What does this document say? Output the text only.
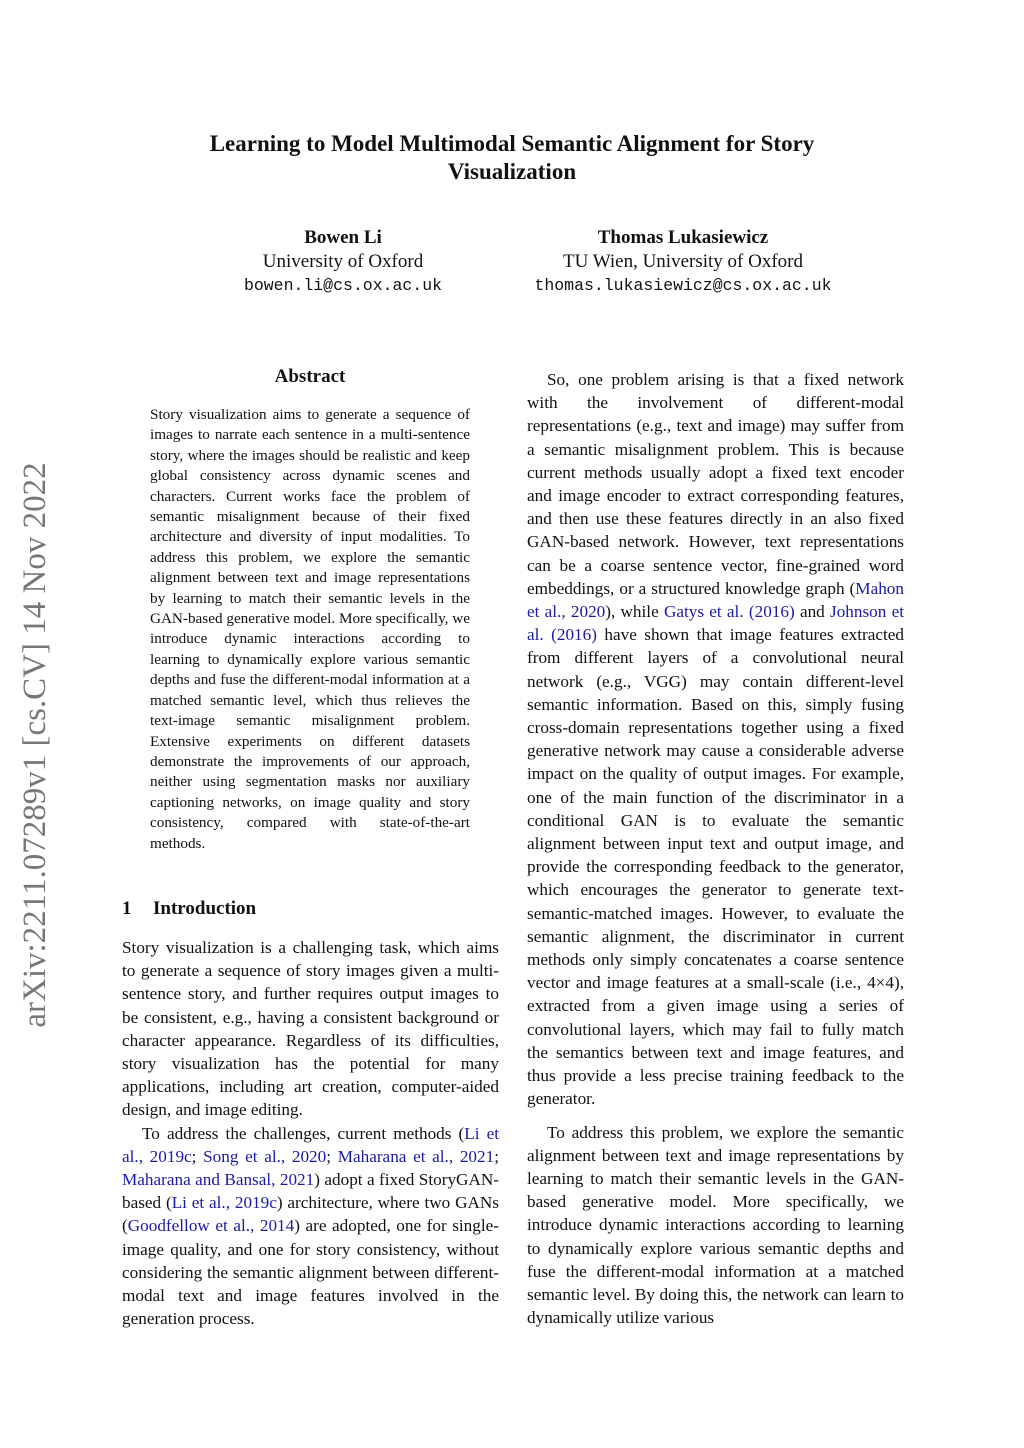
arXiv:2211.07289v1 [cs.CV] 14 Nov 2022
Learning to Model Multimodal Semantic Alignment for Story
Visualization
Bowen Li
University of Oxford
bowen.li@cs.ox.ac.uk
Thomas Lukasiewicz
TU Wien, University of Oxford
thomas.lukasiewicz@cs.ox.ac.uk
Abstract
Story visualization aims to generate a sequence of images to narrate each sentence in a multi-sentence story, where the images should be realistic and keep global consistency across dynamic scenes and characters. Current works face the problem of semantic misalignment because of their fixed architecture and diversity of input modalities. To address this problem, we explore the semantic alignment between text and image representations by learning to match their semantic levels in the GAN-based generative model. More specifically, we introduce dynamic interactions according to learning to dynamically explore various semantic depths and fuse the different-modal information at a matched semantic level, which thus relieves the text-image semantic misalignment problem. Extensive experiments on different datasets demonstrate the improvements of our approach, neither using segmentation masks nor auxiliary captioning networks, on image quality and story consistency, compared with state-of-the-art methods.
1 Introduction

Story visualization is a challenging task, which aims to generate a sequence of story images given a multi-sentence story, and further requires output images to be consistent, e.g., having a consistent background or character appearance. Regardless of its difficulties, story visualization has the potential for many applications, including art creation, computer-aided design, and image editing.

To address the challenges, current methods (Li et al., 2019c; Song et al., 2020; Maharana et al., 2021; Maharana and Bansal, 2021) adopt a fixed StoryGAN-based (Li et al., 2019c) architecture, where two GANs (Goodfellow et al., 2014) are adopted, one for single-image quality, and one for story consistency, without considering the semantic alignment between different-modal text and image features involved in the generation process.

So, one problem arising is that a fixed network with the involvement of different-modal representations (e.g., text and image) may suffer from a semantic misalignment problem. This is because current methods usually adopt a fixed text encoder and image encoder to extract corresponding features, and then use these features directly in an also fixed GAN-based network. However, text representations can be a coarse sentence vector, fine-grained word embeddings, or a structured knowledge graph (Mahon et al., 2020), while Gatys et al. (2016) and Johnson et al. (2016) have shown that image features extracted from different layers of a convolutional neural network (e.g., VGG) may contain different-level semantic information. Based on this, simply fusing cross-domain representations together using a fixed generative network may cause a considerable adverse impact on the quality of output images. For example, one of the main function of the discriminator in a conditional GAN is to evaluate the semantic alignment between input text and output image, and provide the corresponding feedback to the generator, which encourages the generator to generate text-semantic-matched images. However, to evaluate the semantic alignment, the discriminator in current methods only simply concatenates a coarse sentence vector and image features at a small-scale (i.e., 4×4), extracted from a given image using a series of convolutional layers, which may fail to fully match the semantics between text and image features, and thus provide a less precise training feedback to the generator.

To address this problem, we explore the semantic alignment between text and image representations by learning to match their semantic levels in the GAN-based generative model. More specifically, we introduce dynamic interactions according to learning to dynamically explore various semantic depths and fuse the different-modal information at a matched semantic level. By doing this, the network can learn to dynamically utilize various
